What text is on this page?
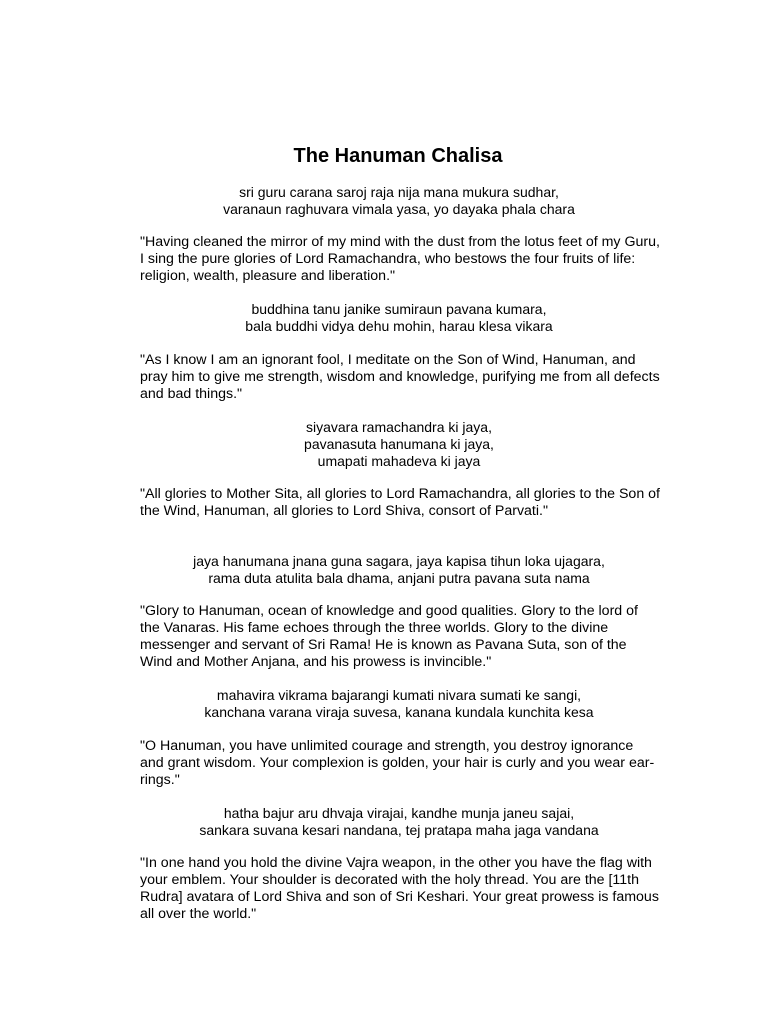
The Hanuman Chalisa

sri guru carana saroj raja nija mana mukura sudhar,
varanaun raghuvara vimala yasa, yo dayaka phala chara

"Having cleaned the mirror of my mind with the dust from the lotus feet of my Guru, I sing the pure glories of Lord Ramachandra, who bestows the four fruits of life: religion, wealth, pleasure and liberation."

buddhina tanu janike sumiraun pavana kumara,
bala buddhi vidya dehu mohin, harau klesa vikara

"As I know I am an ignorant fool, I meditate on the Son of Wind, Hanuman, and pray him to give me strength, wisdom and knowledge, purifying me from all defects and bad things."

siyavara ramachandra ki jaya,
pavanasuta hanumana ki jaya,
umapati mahadeva ki jaya

"All glories to Mother Sita, all glories to Lord Ramachandra, all glories to the Son of the Wind, Hanuman, all glories to Lord Shiva, consort of Parvati."

jaya hanumana jnana guna sagara, jaya kapisa tihun loka ujagara,
rama duta atulita bala dhama, anjani putra pavana suta nama

"Glory to Hanuman, ocean of knowledge and good qualities. Glory to the lord of the Vanaras. His fame echoes through the three worlds. Glory to the divine messenger and servant of Sri Rama! He is known as Pavana Suta, son of the Wind and Mother Anjana, and his prowess is invincible."

mahavira vikrama bajarangi kumati nivara sumati ke sangi,
kanchana varana viraja suvesa, kanana kundala kunchita kesa

"O Hanuman, you have unlimited courage and strength, you destroy ignorance and grant wisdom. Your complexion is golden, your hair is curly and you wear ear-rings."

hatha bajur aru dhvaja virajai, kandhe munja janeu sajai,
sankara suvana kesari nandana, tej pratapa maha jaga vandana

"In one hand you hold the divine Vajra weapon, in the other you have the flag with your emblem. Your shoulder is decorated with the holy thread. You are the [11th Rudra] avatara of Lord Shiva and son of Sri Keshari. Your great prowess is famous all over the world."
